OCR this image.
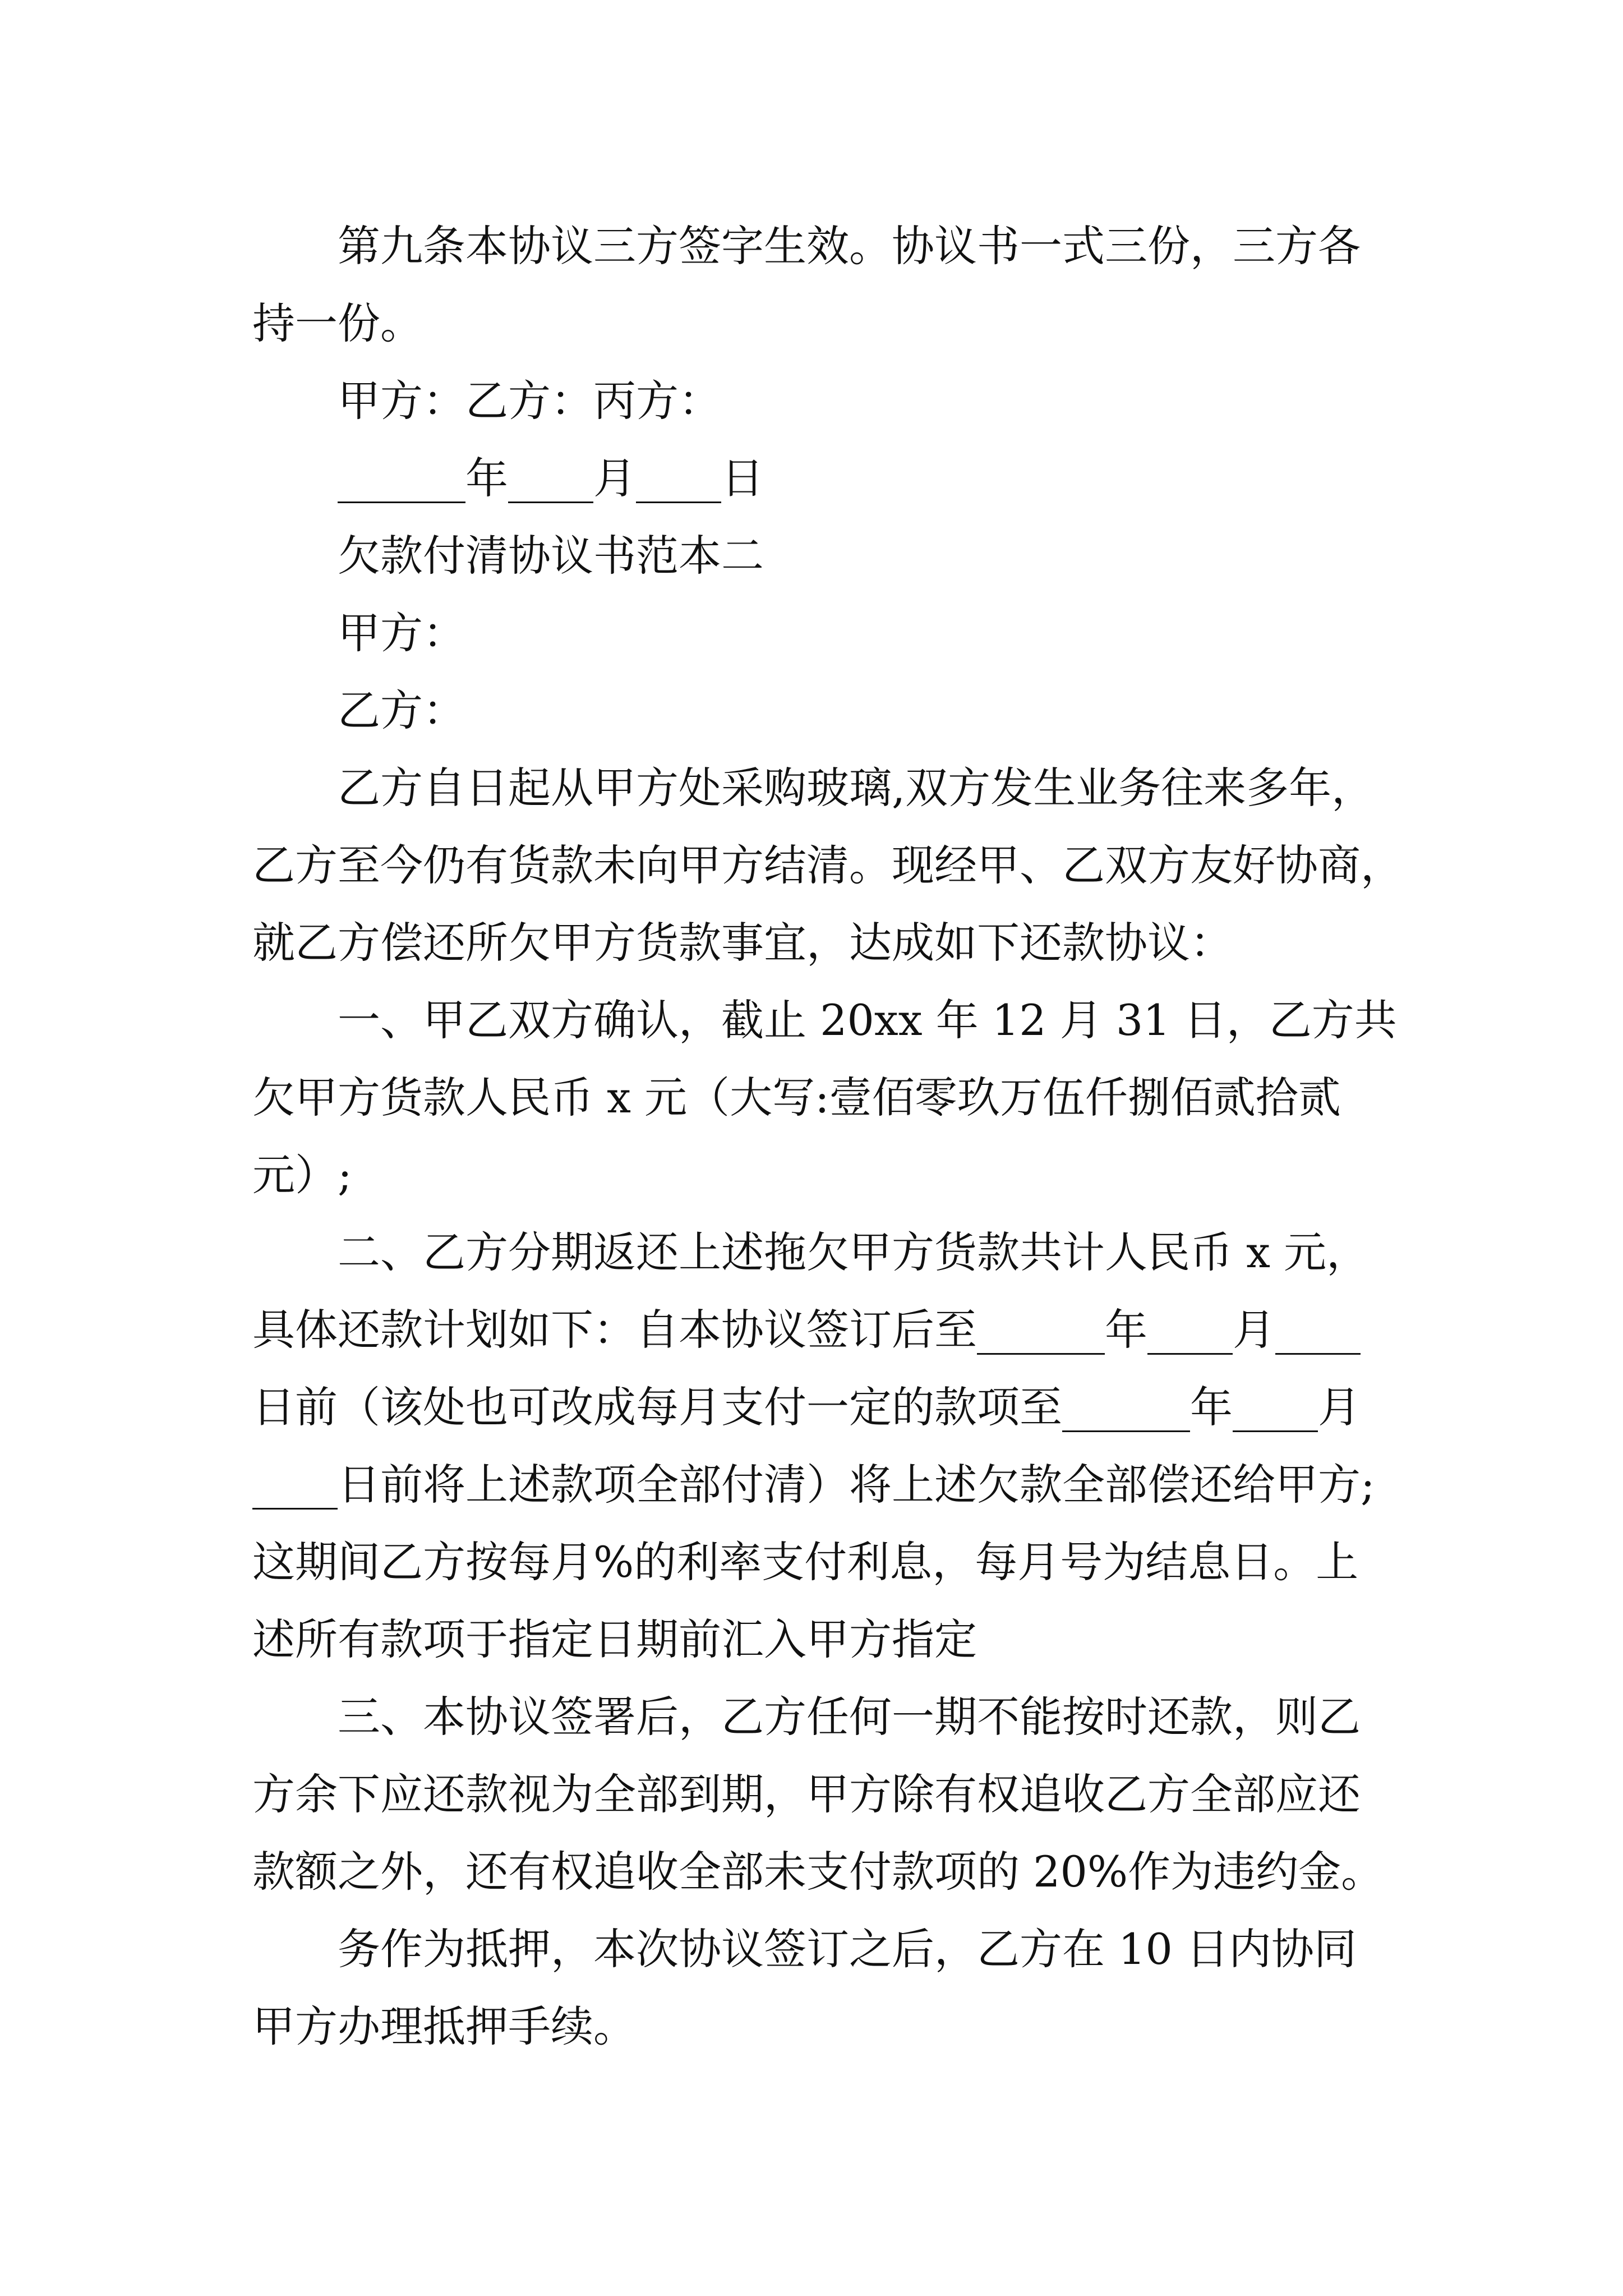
第九条本协议三方签字生效。协议书一式三份，三方各
持一份。
甲方：乙方：丙方：
______年____月____日
欠款付清协议书范本二
甲方：
乙方：
乙方自日起从甲方处采购玻璃,双方发生业务往来多年，
乙方至今仍有货款未向甲方结清。现经甲、乙双方友好协商，
就乙方偿还所欠甲方货款事宜，达成如下还款协议：
一、甲乙双方确认，截止 20xx 年 12 月 31 日，乙方共
欠甲方货款人民币 x 元（大写:壹佰零玖万伍仟捌佰贰拾贰
元）;
二、乙方分期返还上述拖欠甲方货款共计人民币 x 元，
具体还款计划如下：自本协议签订后至______年____月____
日前（该处也可改成每月支付一定的款项至______年____月
____日前将上述款项全部付清）将上述欠款全部偿还给甲方;
这期间乙方按每月%的利率支付利息，每月号为结息日。上
述所有款项于指定日期前汇入甲方指定
三、本协议签署后，乙方任何一期不能按时还款，则乙
方余下应还款视为全部到期，甲方除有权追收乙方全部应还
款额之外，还有权追收全部未支付款项的 20%作为违约金。
务作为抵押，本次协议签订之后，乙方在 10 日内协同
甲方办理抵押手续。
